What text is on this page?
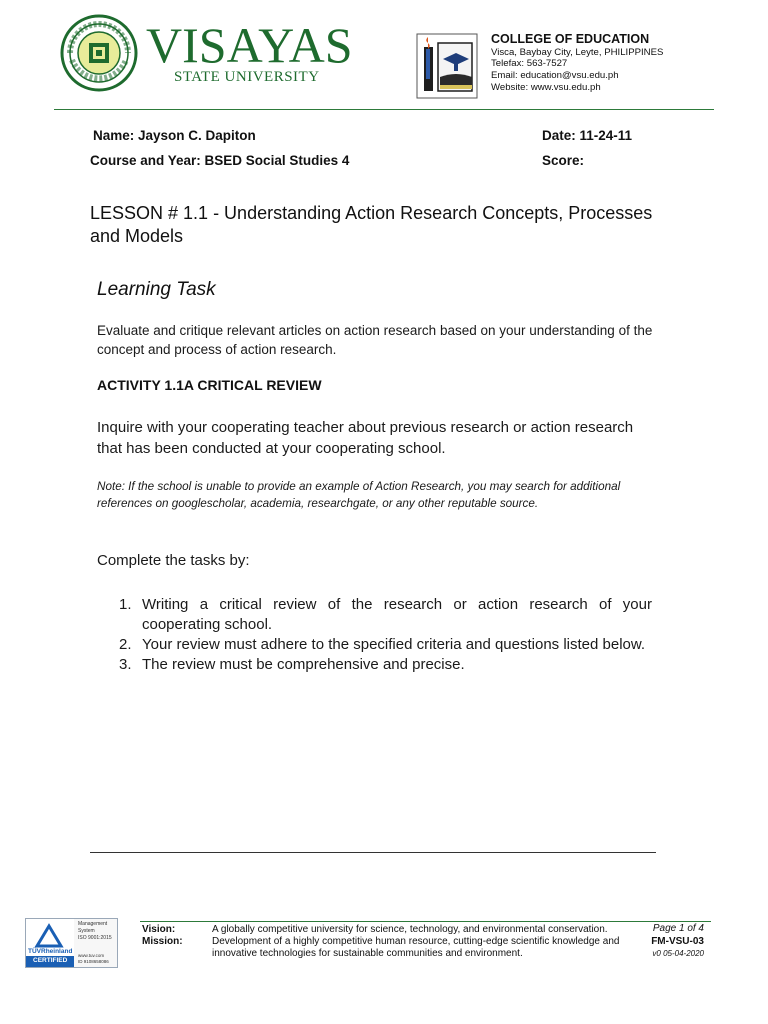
VISAYAS
STATE UNIVERSITY
COLLEGE OF EDUCATION
Visca, Baybay City, Leyte, PHILIPPINES
Telefax: 563-7527
Email: education@vsu.edu.ph
Website: www.vsu.edu.ph
Name: Jayson C. Dapiton
Course and Year: BSED Social Studies 4
Date: 11-24-11
Score:
LESSON # 1.1 - Understanding Action Research Concepts, Processes and Models
Learning Task
Evaluate and critique relevant articles on action research based on your understanding of the concept and process of action research.
ACTIVITY 1.1A CRITICAL REVIEW
Inquire with your cooperating teacher about previous research or action research that has been conducted at your cooperating school.
Note: If the school is unable to provide an example of Action Research, you may search for additional references on googlescholar, academia, researchgate, or any other reputable source.
Complete the tasks by:
1. Writing a critical review of the research or action research of your cooperating school.
2. Your review must adhere to the specified criteria and questions listed below.
3. The review must be comprehensive and precise.
TÜVRheinland
CERTIFIED
Management
System
ISO 9001:2015
www.tuv.com
ID 9108658086
Vision:
Mission:
A globally competitive university for science, technology, and environmental conservation.
Development of a highly competitive human resource, cutting-edge scientific knowledge and innovative technologies for sustainable communities and environment.
Page 1 of 4
FM-VSU-03
v0 05-04-2020
